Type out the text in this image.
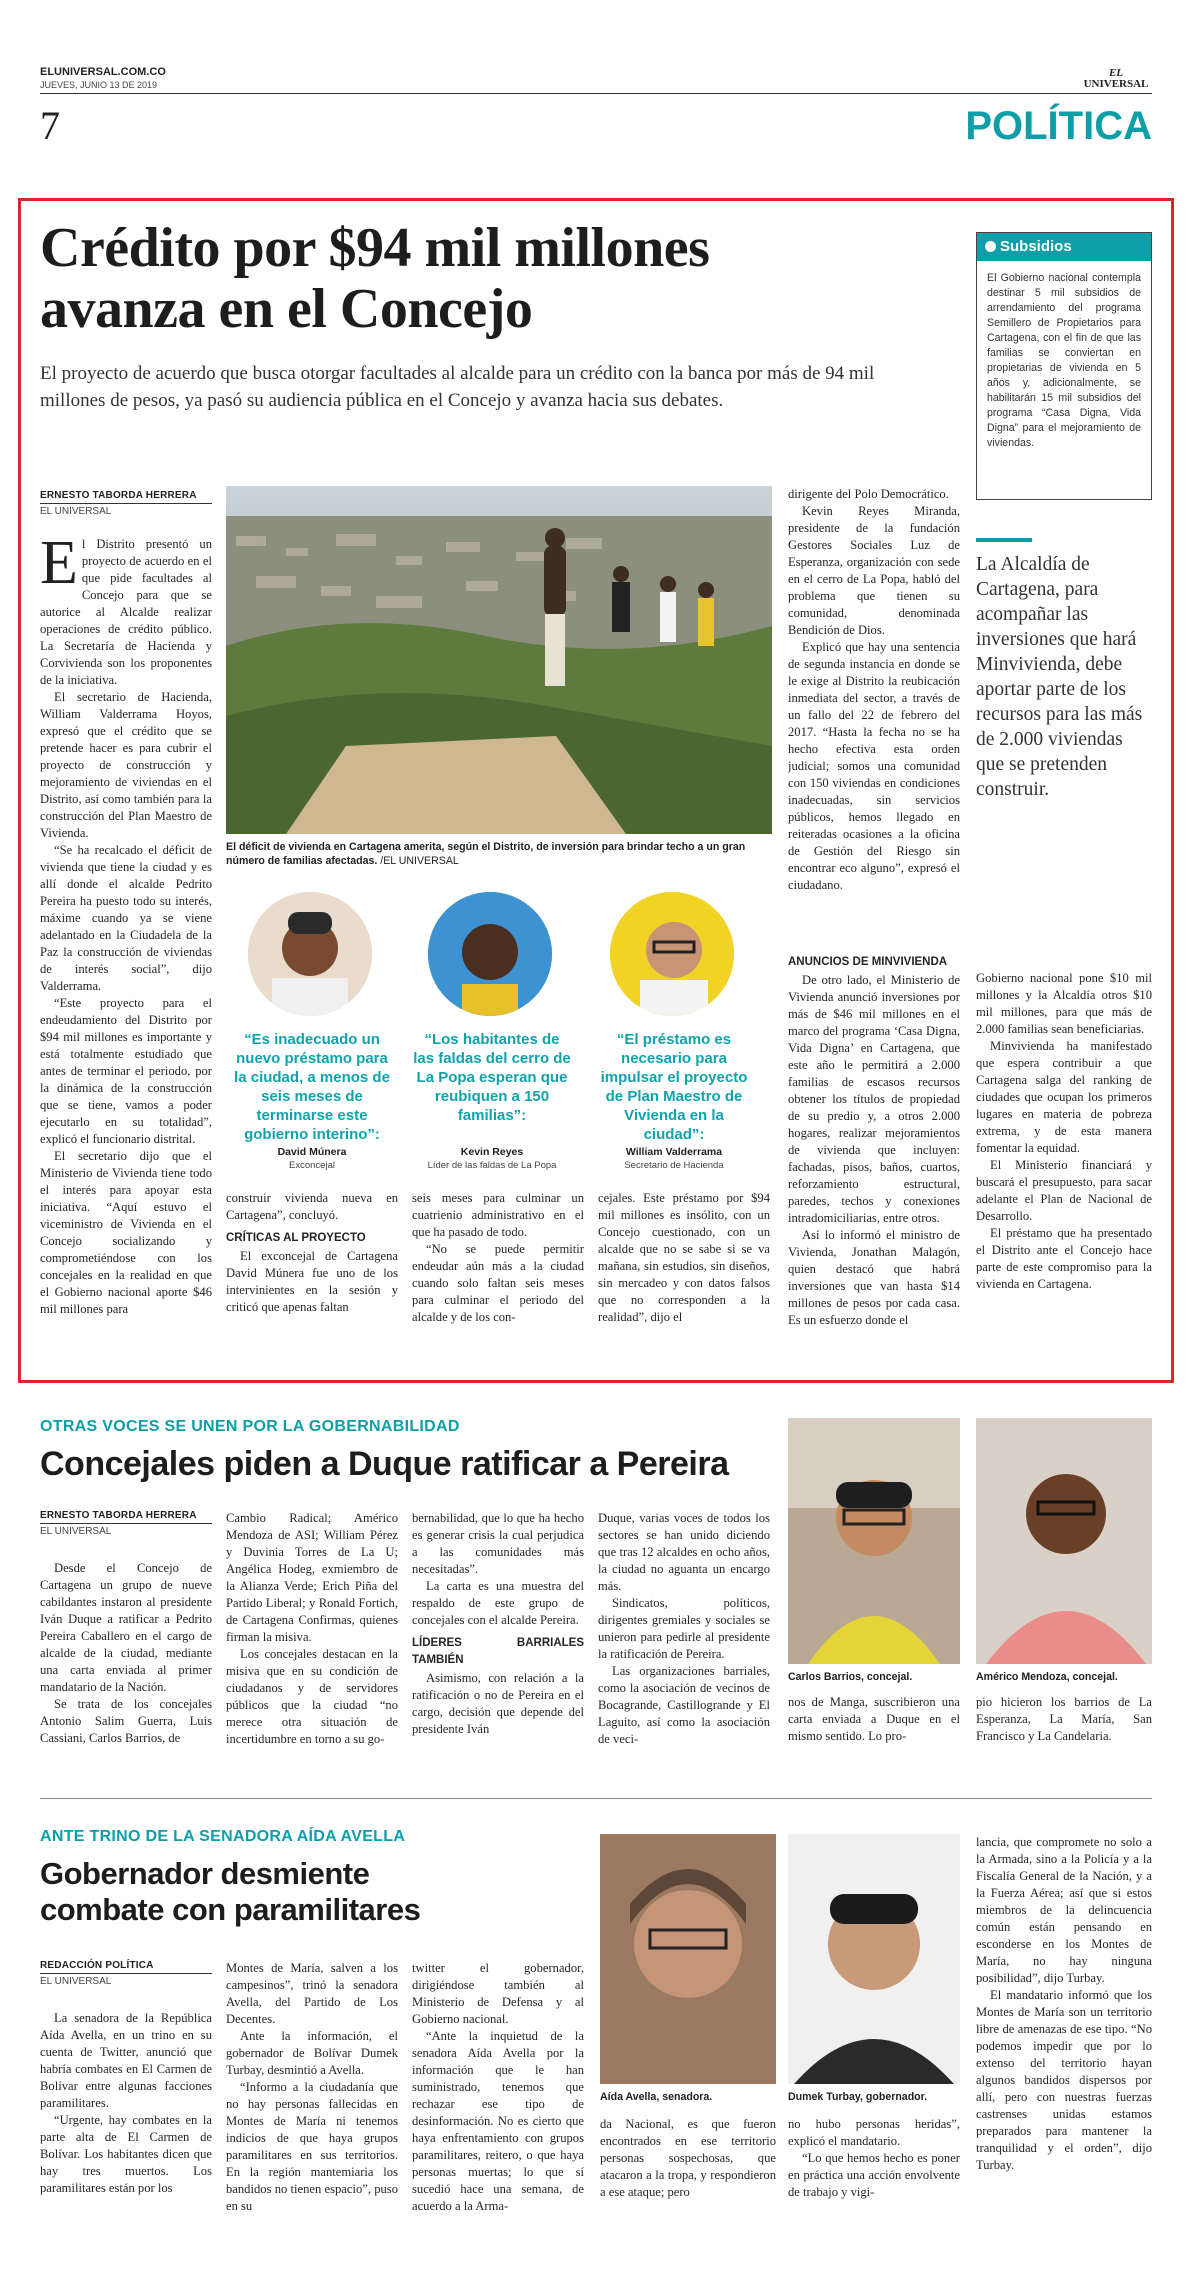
ELUNIVERSAL.COM.CO
JUEVES, JUNIO 13 DE 2019
EL
UNIVERSAL
7	POLÍTICA
Crédito por $94 mil millones
avanza en el Concejo
El proyecto de acuerdo que busca otorgar facultades al alcalde para un crédito con la banca por más de 94 mil millones de pesos, ya pasó su audiencia pública en el Concejo y avanza hacia sus debates.
Subsidios
El Gobierno nacional contempla destinar 5 mil subsidios de arrendamiento del programa Semillero de Propietarios para Cartagena, con el fin de que las familias se conviertan en propietarias de vivienda en 5 años y, adicionalmente, se habilitarán 15 mil subsidios del programa “Casa Digna, Vida Digna” para el mejoramiento de viviendas.
La Alcaldía de Cartagena, para acompañar las inversiones que hará Minvivienda, debe aportar parte de los recursos para las más de 2.000 viviendas que se pretenden construir.
ERNESTO TABORDA HERRERA
EL UNIVERSAL

El Distrito presentó un proyecto de acuerdo en el que pide facultades al Concejo para que se autorice al Alcalde realizar operaciones de crédito público. La Secretaría de Hacienda y Corvivienda son los proponentes de la iniciativa.

El secretario de Hacienda, William Valderrama Hoyos, expresó que el crédito que se pretende hacer es para cubrir el proyecto de construcción y mejoramiento de viviendas en el Distrito, así como también para la construcción del Plan Maestro de Vivienda.

“Se ha recalcado el déficit de vivienda que tiene la ciudad y es allí donde el alcalde Pedrito Pereira ha puesto todo su interés, máxime cuando ya se viene adelantado en la Ciudadela de la Paz la construcción de viviendas de interés social”, dijo Valderrama.

“Este proyecto para el endeudamiento del Distrito por $94 mil millones es importante y está totalmente estudiado que antes de terminar el periodo, por la dinámica de la construcción que se tiene, vamos a poder ejecutarlo en su totalidad”, explicó el funcionario distrital.

El secretario dijo que el Ministerio de Vivienda tiene todo el interés para apoyar esta iniciativa. “Aquí estuvo el viceministro de Vivienda en el Concejo socializando y comprometiéndose con los concejales en la realidad en que el Gobierno nacional aporte $46 mil millones para

El déficit de vivienda en Cartagena amerita, según el Distrito, de inversión para brindar techo a un gran número de familias afectadas. /EL UNIVERSAL
“Es inadecuado un nuevo préstamo para la ciudad, a menos de seis meses de terminarse este gobierno interino”:
“Los habitantes de las faldas del cerro de La Popa esperan que reubiquen a 150 familias”:
“El préstamo es necesario para impulsar el proyecto de Plan Maestro de Vivienda en la ciudad”:
David Múnera
Exconcejal
Kevin Reyes
Líder de las faldas de La Popa
William Valderrama
Secretario de Hacienda

construir vivienda nueva en Cartagena”, concluyó.

CRÍTICAS AL PROYECTO

El exconcejal de Cartagena David Múnera fue uno de los intervinientes en la sesión y criticó que apenas faltan

seis meses para culminar un cuatrienio administrativo en el que ha pasado de todo.

“No se puede permitir endeudar aún más a la ciudad cuando solo faltan seis meses para culminar el periodo del alcalde y de los con-

dirigente del Polo Democrático.

Kevin Reyes Miranda, presidente de la fundación Gestores Sociales Luz de Esperanza, organización con sede en el cerro de La Popa, habló del problema que tienen su comunidad, denominada Bendición de Dios.

Explicó que hay una sentencia de segunda instancia en donde se le exige al Distrito la reubicación inmediata del sector, a través de un fallo del 22 de febrero del 2017. “Hasta la fecha no se ha hecho efectiva esta orden judicial; somos una comunidad con 150 viviendas en condiciones inadecuadas, sin servicios públicos, hemos llegado en reiteradas ocasiones a la oficina de Gestión del Riesgo sin encontrar eco alguno”, expresó el ciudadano.

cejales. Este préstamo por $94 mil millones es insólito, con un Concejo cuestionado, con un alcalde que no se sabe si se va mañana, sin estudios, sin diseños, sin mercadeo y con datos falsos que no corresponden a la realidad”, dijo el

ANUNCIOS DE MINVIVIENDA

De otro lado, el Ministerio de Vivienda anunció inversiones por más de $46 mil millones en el marco del programa ‘Casa Digna, Vida Digna’ en Cartagena, que este año le permitirá a 2.000 familias de escasos recursos obtener los títulos de propiedad de su predio y, a otros 2.000 hogares, realizar mejoramientos de vivienda que incluyen: fachadas, pisos, baños, cuartos, reforzamiento estructural, paredes, techos y conexiones intradomiciliarias, entre otros.

Así lo informó el ministro de Vivienda, Jonathan Malagón, quien destacó que habrá inversiones que van hasta $14 millones de pesos por cada casa. Es un esfuerzo donde el

Gobierno nacional pone $10 mil millones y la Alcaldía otros $10 mil millones, para que más de 2.000 familias sean beneficiarias.

Minvivienda ha manifestado que espera contribuir a que Cartagena salga del ranking de ciudades que ocupan los primeros lugares en materia de pobreza extrema, y de esta manera fomentar la equidad.

El Ministerio financiará y buscará el presupuesto, para sacar adelante el Plan de Nacional de Desarrollo.

El préstamo que ha presentado el Distrito ante el Concejo hace parte de este compromiso para la vivienda en Cartagena.

OTRAS VOCES SE UNEN POR LA GOBERNABILIDAD
Concejales piden a Duque ratificar a Pereira
ERNESTO TABORDA HERRERA
EL UNIVERSAL

Desde el Concejo de Cartagena un grupo de nueve cabildantes instaron al presidente Iván Duque a ratificar a Pedrito Pereira Caballero en el cargo de alcalde de la ciudad, mediante una carta enviada al primer mandatario de la Nación.

Se trata de los concejales Antonio Salim Guerra, Luis Cassiani, Carlos Barrios, de

Cambio Radical; Américo Mendoza de ASI; William Pérez y Duvinia Torres de La U; Angélica Hodeg, exmiembro de la Alianza Verde; Erich Piña del Partido Liberal; y Ronald Fortich, de Cartagena Confirmas, quienes firman la misiva.

Los concejales destacan en la misiva que en su condición de ciudadanos y de servidores públicos que la ciudad “no merece otra situación de incertidumbre en torno a su go-

bernabilidad, que lo que ha hecho es generar crisis la cual perjudica a las comunidades más necesitadas”.

La carta es una muestra del respaldo de este grupo de concejales con el alcalde Pereira.

LÍDERES BARRIALES TAMBIÉN

Asimismo, con relación a la ratificación o no de Pereira en el cargo, decisión que depende del presidente Iván

Duque, varias voces de todos los sectores se han unido diciendo que tras 12 alcaldes en ocho años, la ciudad no aguanta un encargo más.

Sindicatos, políticos, dirigentes gremiales y sociales se unieron para pedirle al presidente la ratificación de Pereira.

Las organizaciones barriales, como la asociación de vecinos de Bocagrande, Castillogrande y El Laguito, así como la asociación de veci-

Carlos Barrios, concejal.	Américo Mendoza, concejal.

nos de Manga, suscribieron una carta enviada a Duque en el mismo sentido. Lo pro-

pio hicieron los barrios de La Esperanza, La María, San Francisco y La Candelaria.

ANTE TRINO DE LA SENADORA AÍDA AVELLA
Gobernador desmiente
combate con paramilitares
REDACCIÓN POLÍTICA
EL UNIVERSAL

La senadora de la República Aída Avella, en un trino en su cuenta de Twitter, anunció que habría combates en El Carmen de Bolívar entre algunas facciones paramilitares.

“Urgente, hay combates en la parte alta de El Carmen de Bolívar. Los habitantes dicen que hay tres muertos. Los paramilitares están por los

Montes de María, salven a los campesinos”, trinó la senadora Avella, del Partido de Los Decentes.

Ante la información, el gobernador de Bolívar Dumek Turbay, desmintió a Avella.

“Informo a la ciudadanía que no hay personas fallecidas en Montes de María ni tenemos indicios de que haya grupos paramilitares en sus territorios. En la región mantemiaria los bandidos no tienen espacio”, puso en su

twitter el gobernador, dirigiéndose también al Ministerio de Defensa y al Gobierno nacional.

“Ante la inquietud de la senadora Aída Avella por la información que le han suministrado, tenemos que rechazar ese tipo de desinformación. No es cierto que haya enfrentamiento con grupos paramilitares, reitero, o que haya personas muertas; lo que sí sucedió hace una semana, de acuerdo a la Arma-

Aída Avella, senadora.	Dumek Turbay, gobernador.

da Nacional, es que fueron encontrados en ese territorio personas sospechosas, que atacaron a la tropa, y respondieron a ese ataque; pero

no hubo personas heridas”, explicó el mandatario.

“Lo que hemos hecho es poner en práctica una acción envolvente de trabajo y vigi-

lancia, que compromete no solo a la Armada, sino a la Policía y a la Fiscalía General de la Nación, y a la Fuerza Aérea; así que si estos miembros de la delincuencia común están pensando en esconderse en los Montes de María, no hay ninguna posibilidad”, dijo Turbay.

El mandatario informó que los Montes de María son un territorio libre de amenazas de ese tipo. “No podemos impedir que por lo extenso del territorio hayan algunos bandidos dispersos por allí, pero con nuestras fuerzas castrenses unidas estamos preparados para mantener la tranquilidad y el orden”, dijo Turbay.
